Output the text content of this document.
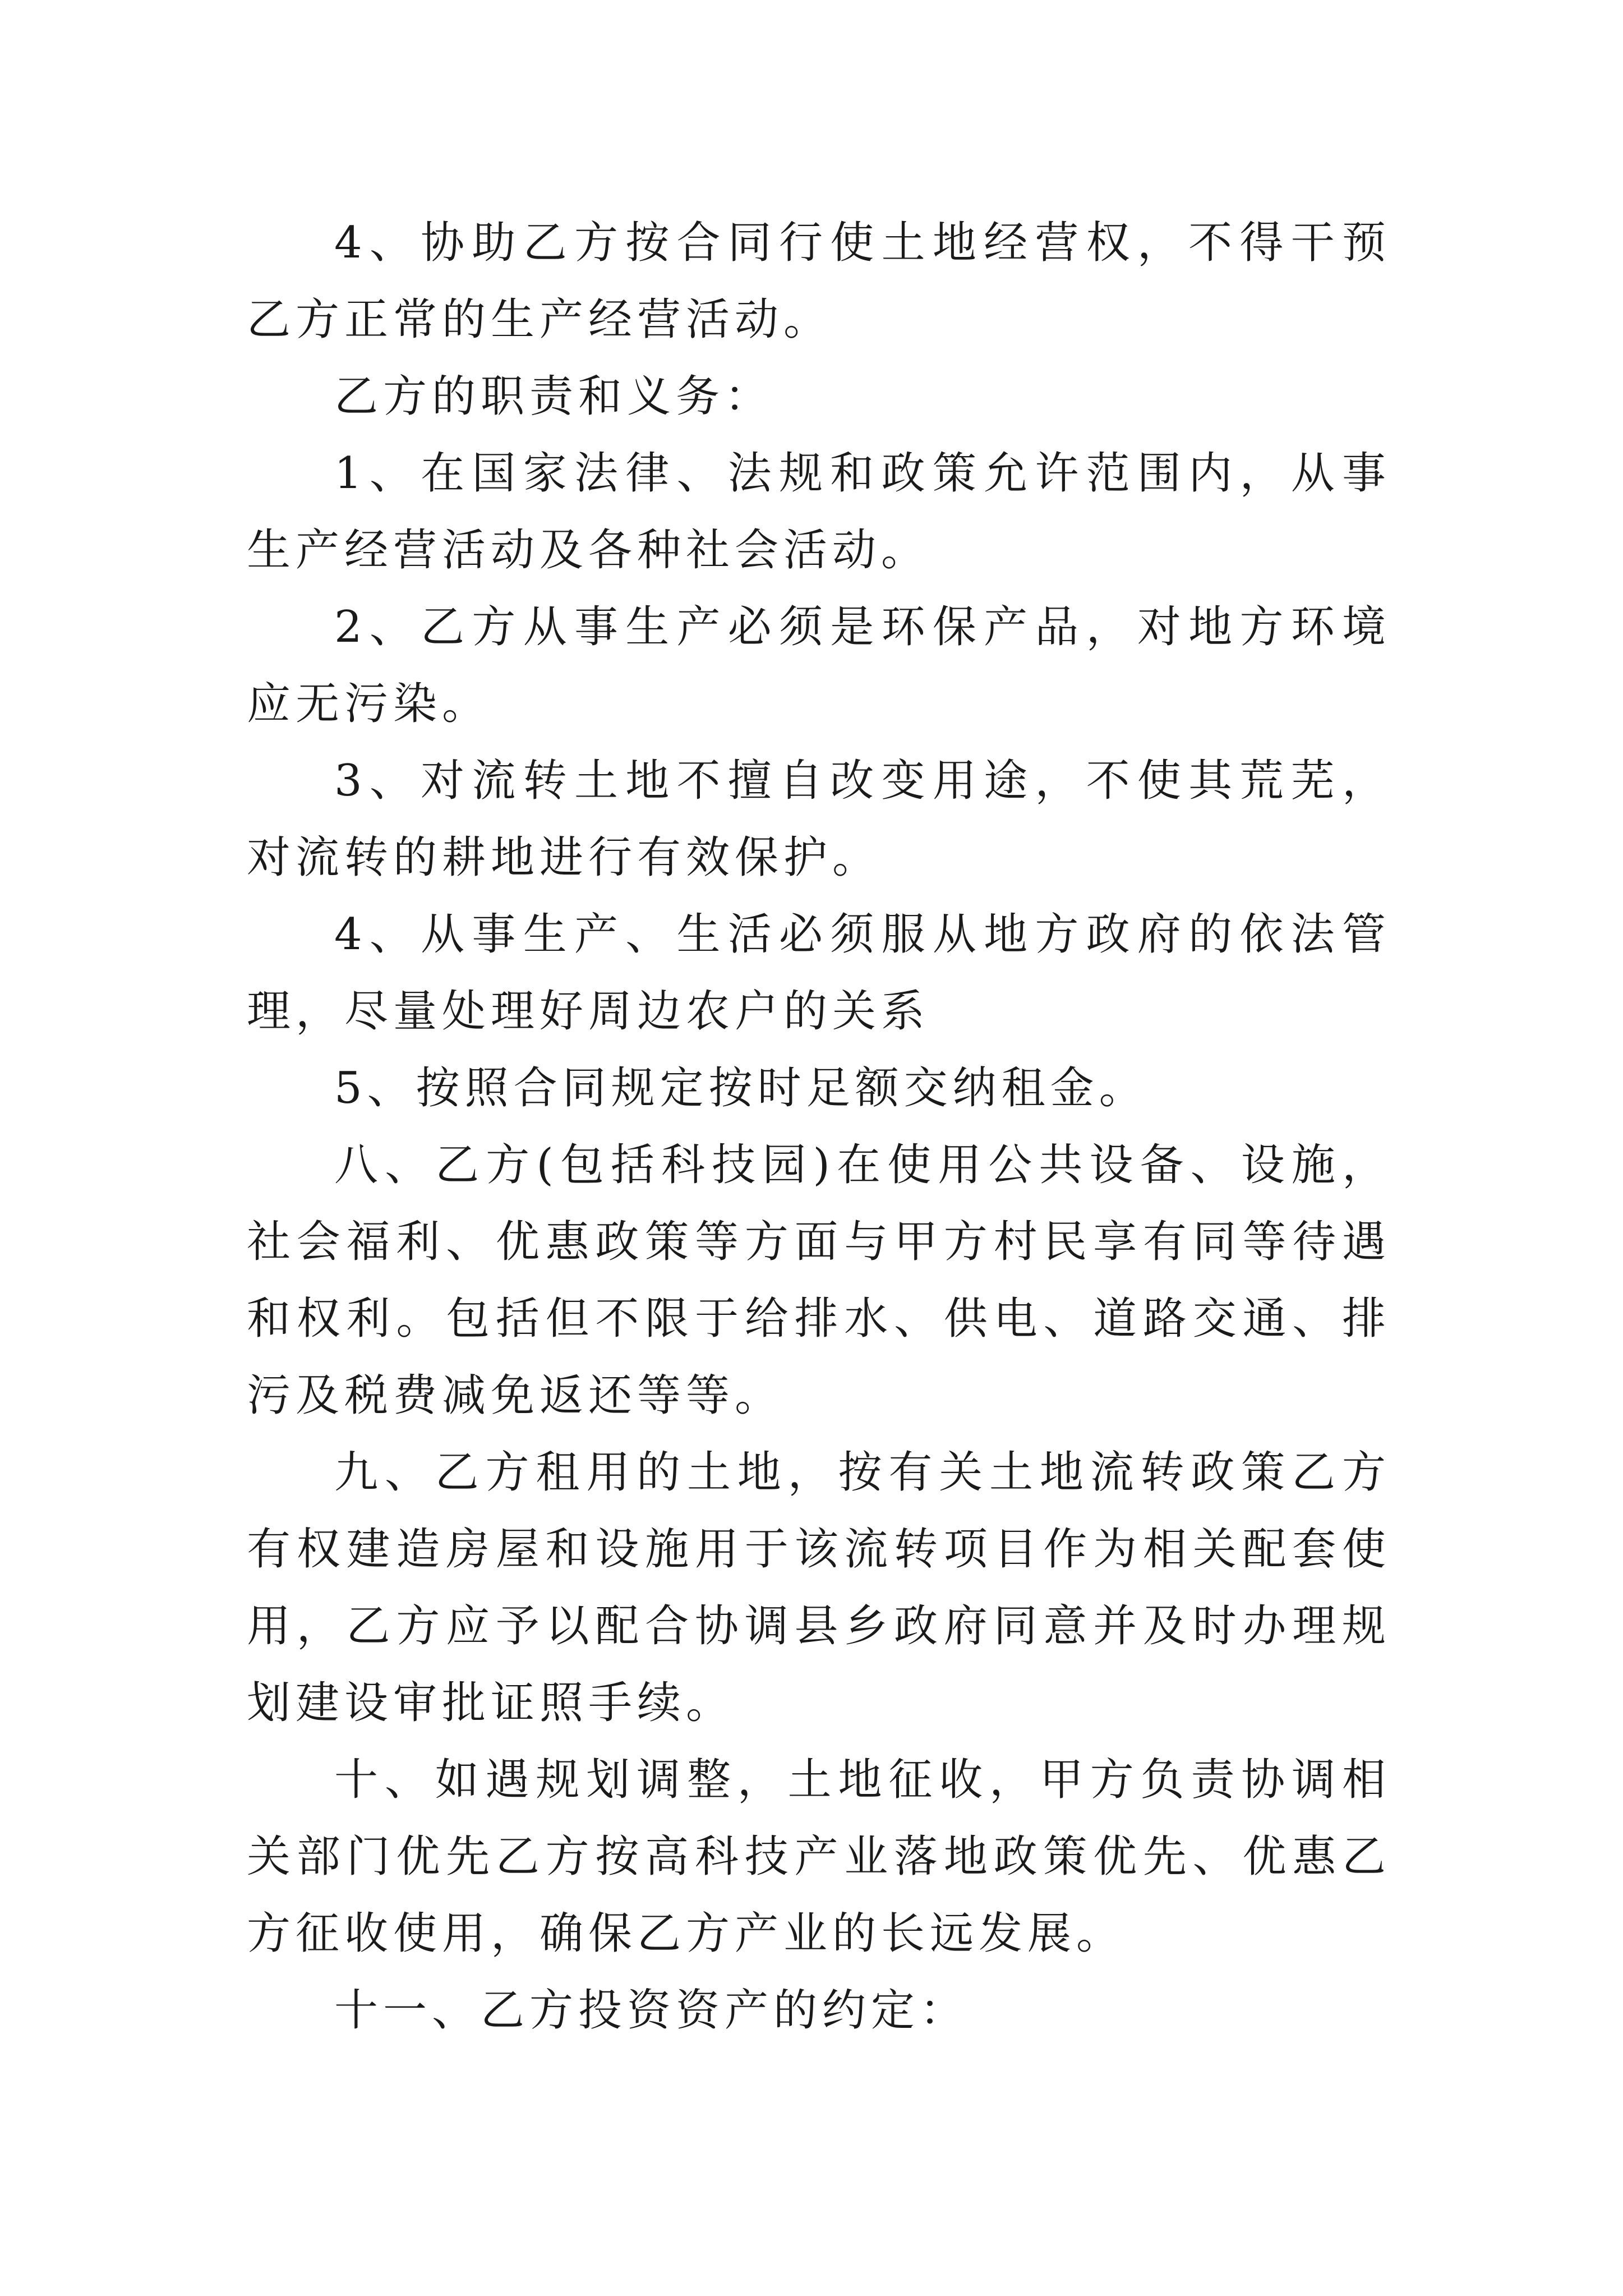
4、协助乙方按合同行使土地经营权，不得干预乙方正常的生产经营活动。

乙方的职责和义务：

1、在国家法律、法规和政策允许范围内，从事生产经营活动及各种社会活动。

2、乙方从事生产必须是环保产品，对地方环境应无污染。

3、对流转土地不擅自改变用途，不使其荒芜，对流转的耕地进行有效保护。

4、从事生产、生活必须服从地方政府的依法管理，尽量处理好周边农户的关系

5、按照合同规定按时足额交纳租金。

八、乙方(包括科技园)在使用公共设备、设施，社会福利、优惠政策等方面与甲方村民享有同等待遇和权利。包括但不限于给排水、供电、道路交通、排污及税费减免返还等等。

九、乙方租用的土地，按有关土地流转政策乙方有权建造房屋和设施用于该流转项目作为相关配套使用，乙方应予以配合协调县乡政府同意并及时办理规划建设审批证照手续。

十、如遇规划调整，土地征收，甲方负责协调相关部门优先乙方按高科技产业落地政策优先、优惠乙方征收使用，确保乙方产业的长远发展。

十一、乙方投资资产的约定：
